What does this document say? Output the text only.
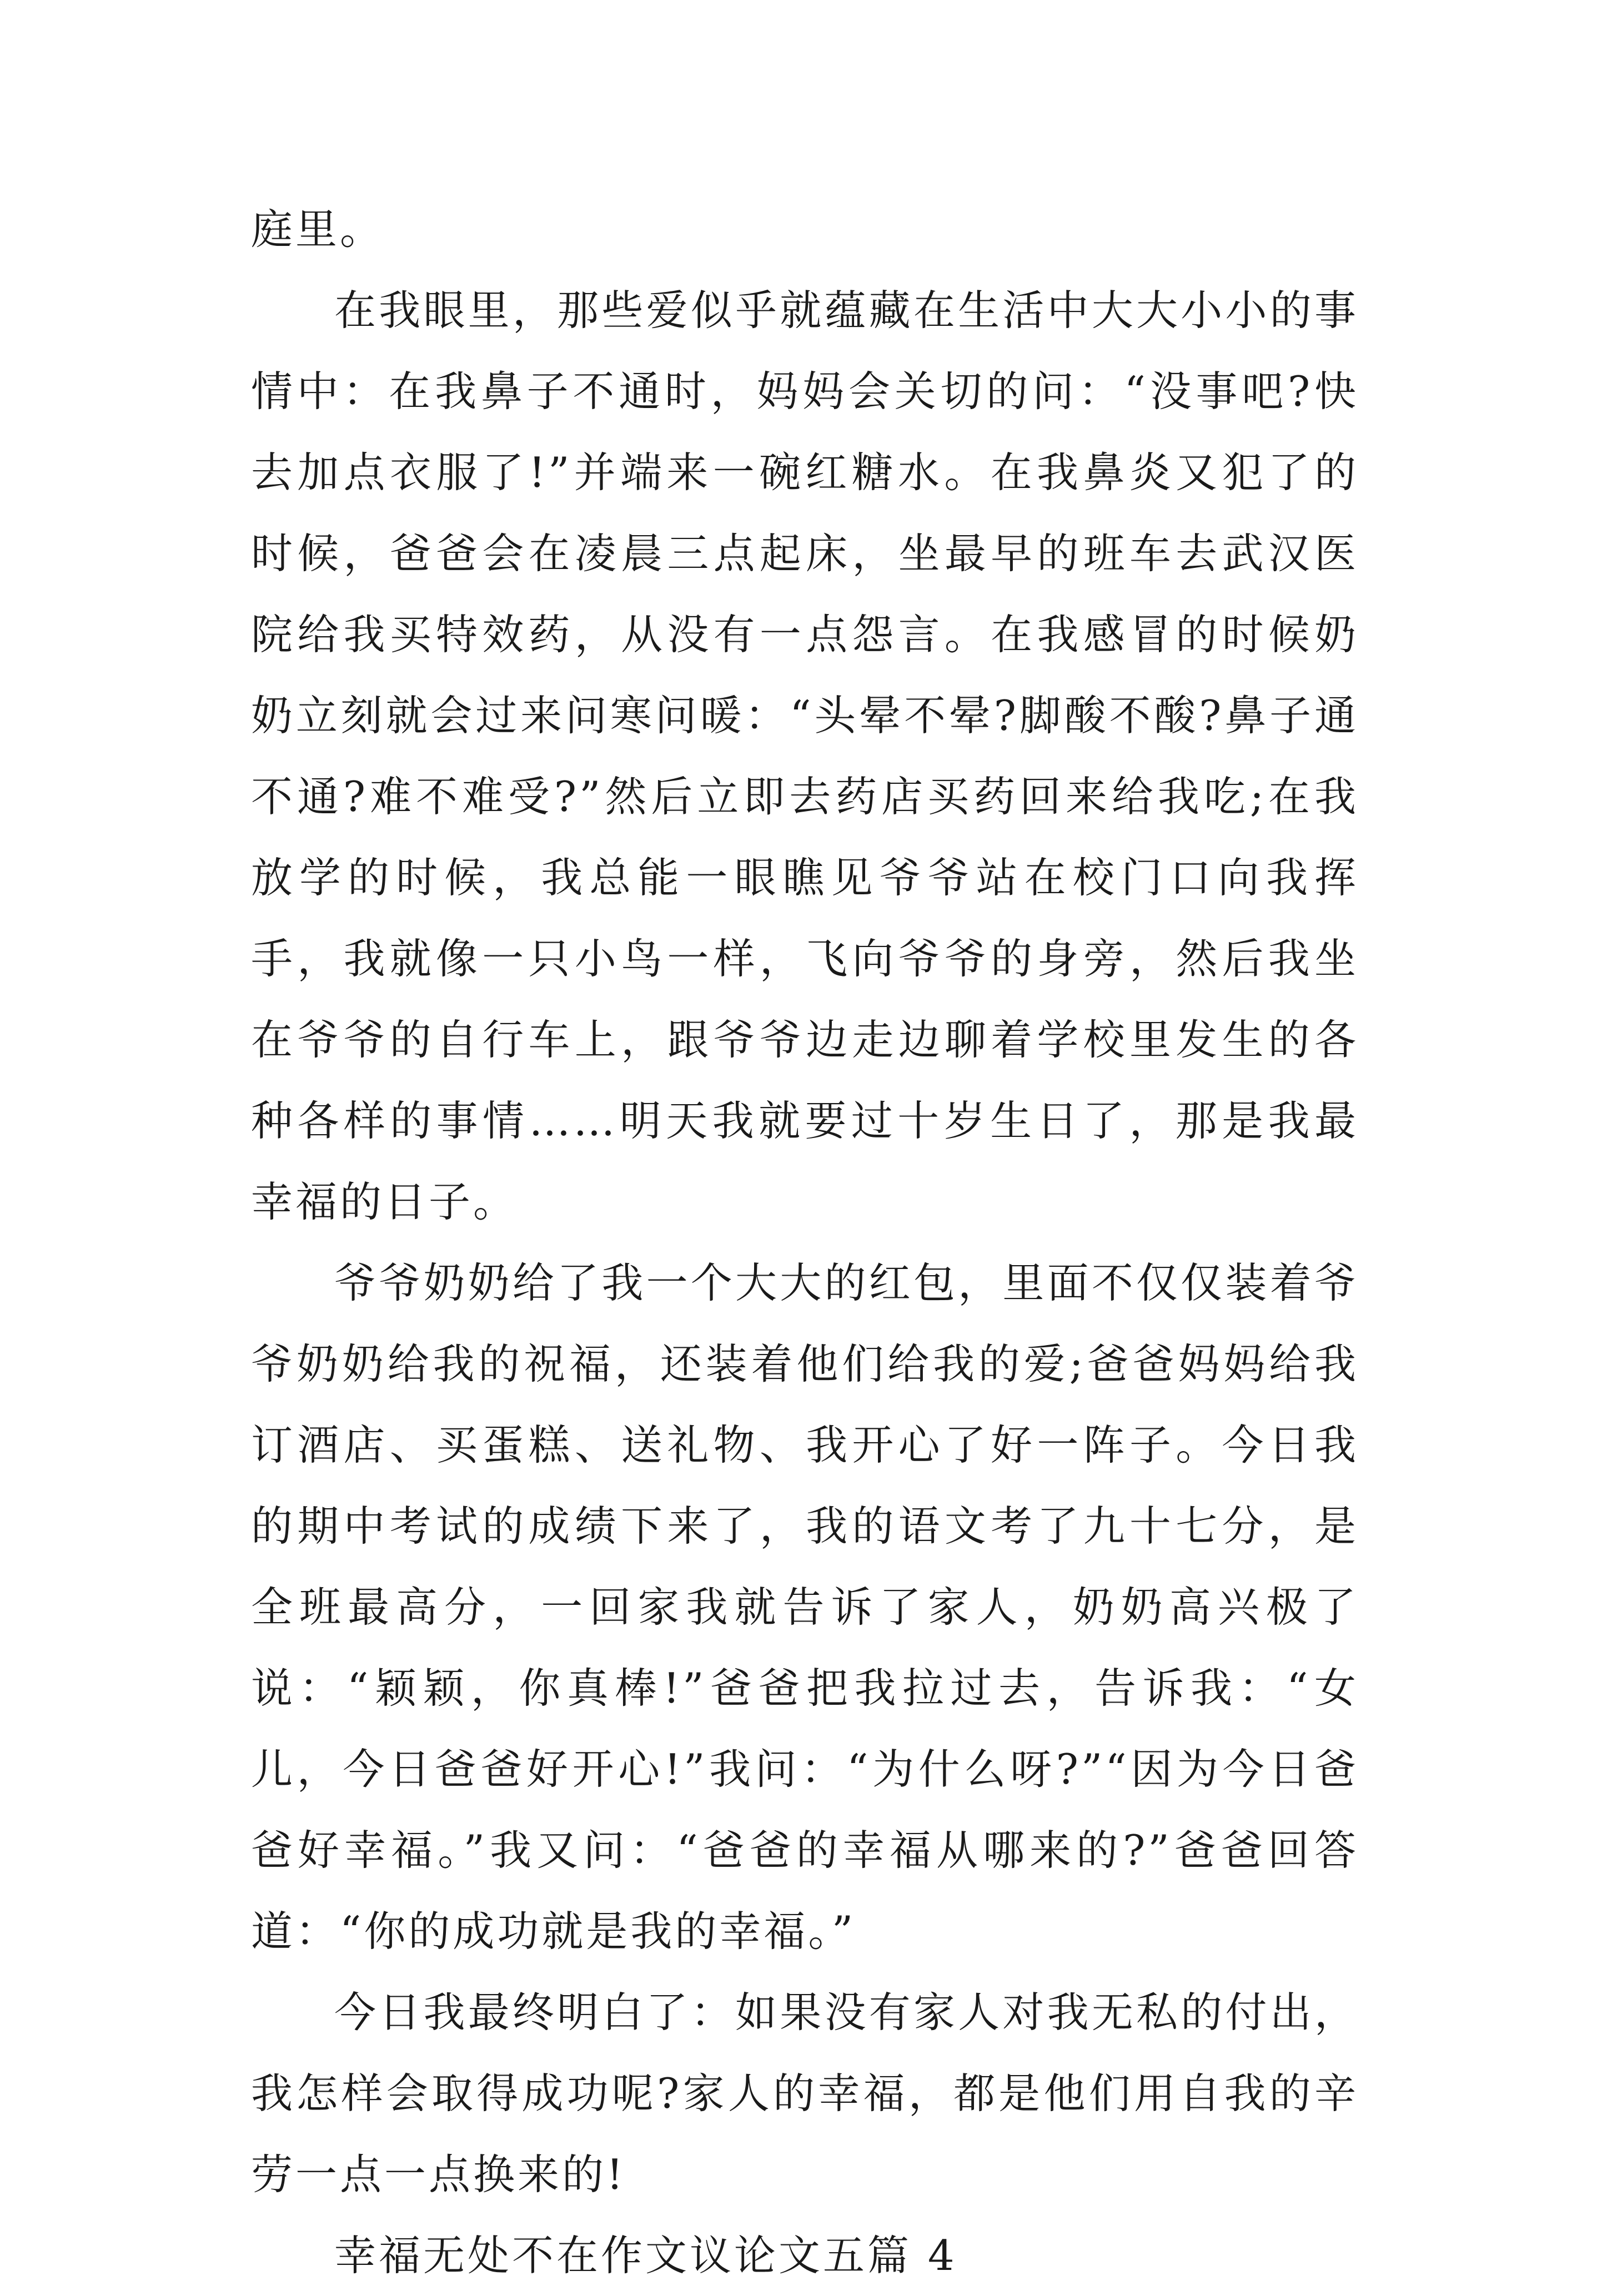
庭里。

在我眼里，那些爱似乎就蕴藏在生活中大大小小的事情中：在我鼻子不通时，妈妈会关切的问：“没事吧?快去加点衣服了!”并端来一碗红糖水。在我鼻炎又犯了的时候，爸爸会在凌晨三点起床，坐最早的班车去武汉医院给我买特效药，从没有一点怨言。在我感冒的时候奶奶立刻就会过来问寒问暖：“头晕不晕?脚酸不酸?鼻子通不通?难不难受?”然后立即去药店买药回来给我吃;在我放学的时候，我总能一眼瞧见爷爷站在校门口向我挥手，我就像一只小鸟一样，飞向爷爷的身旁，然后我坐在爷爷的自行车上，跟爷爷边走边聊着学校里发生的各种各样的事情……明天我就要过十岁生日了，那是我最幸福的日子。

爷爷奶奶给了我一个大大的红包，里面不仅仅装着爷爷奶奶给我的祝福，还装着他们给我的爱;爸爸妈妈给我订酒店、买蛋糕、送礼物、我开心了好一阵子。今日我的期中考试的成绩下来了，我的语文考了九十七分，是全班最高分，一回家我就告诉了家人，奶奶高兴极了说：“颖颖，你真棒!”爸爸把我拉过去，告诉我：“女儿，今日爸爸好开心!”我问：“为什么呀?”“因为今日爸爸好幸福。”我又问：“爸爸的幸福从哪来的?”爸爸回答道：“你的成功就是我的幸福。”

今日我最终明白了：如果没有家人对我无私的付出，我怎样会取得成功呢?家人的幸福，都是他们用自我的辛劳一点一点换来的!

幸福无处不在作文议论文五篇 4
